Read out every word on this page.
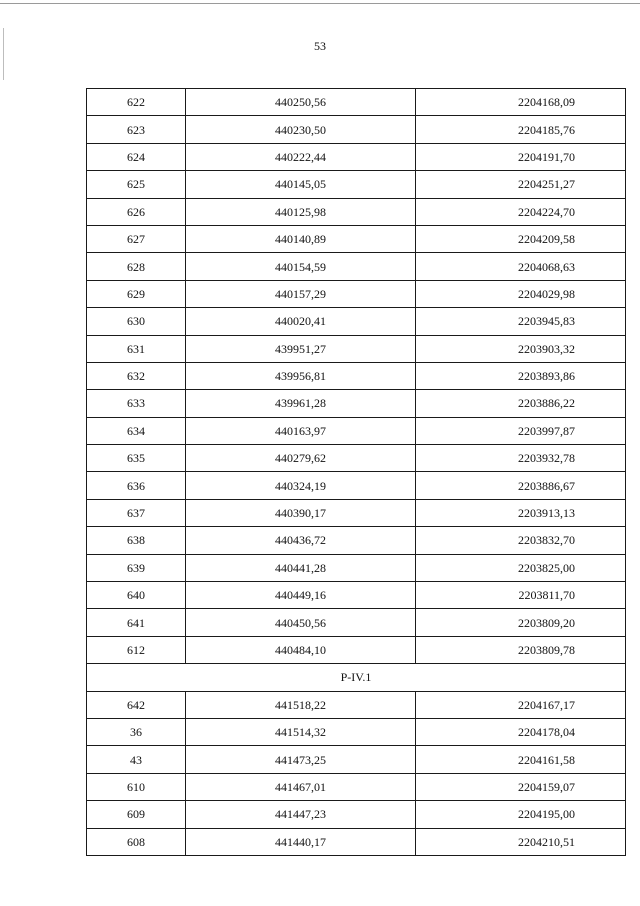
53
622	440250,56	2204168,09
623	440230,50	2204185,76
624	440222,44	2204191,70
625	440145,05	2204251,27
626	440125,98	2204224,70
627	440140,89	2204209,58
628	440154,59	2204068,63
629	440157,29	2204029,98
630	440020,41	2203945,83
631	439951,27	2203903,32
632	439956,81	2203893,86
633	439961,28	2203886,22
634	440163,97	2203997,87
635	440279,62	2203932,78
636	440324,19	2203886,67
637	440390,17	2203913,13
638	440436,72	2203832,70
639	440441,28	2203825,00
640	440449,16	2203811,70
641	440450,56	2203809,20
612	440484,10	2203809,78
P-IV.1		
642	441518,22	2204167,17
36	441514,32	2204178,04
43	441473,25	2204161,58
610	441467,01	2204159,07
609	441447,23	2204195,00
608	441440,17	2204210,51
